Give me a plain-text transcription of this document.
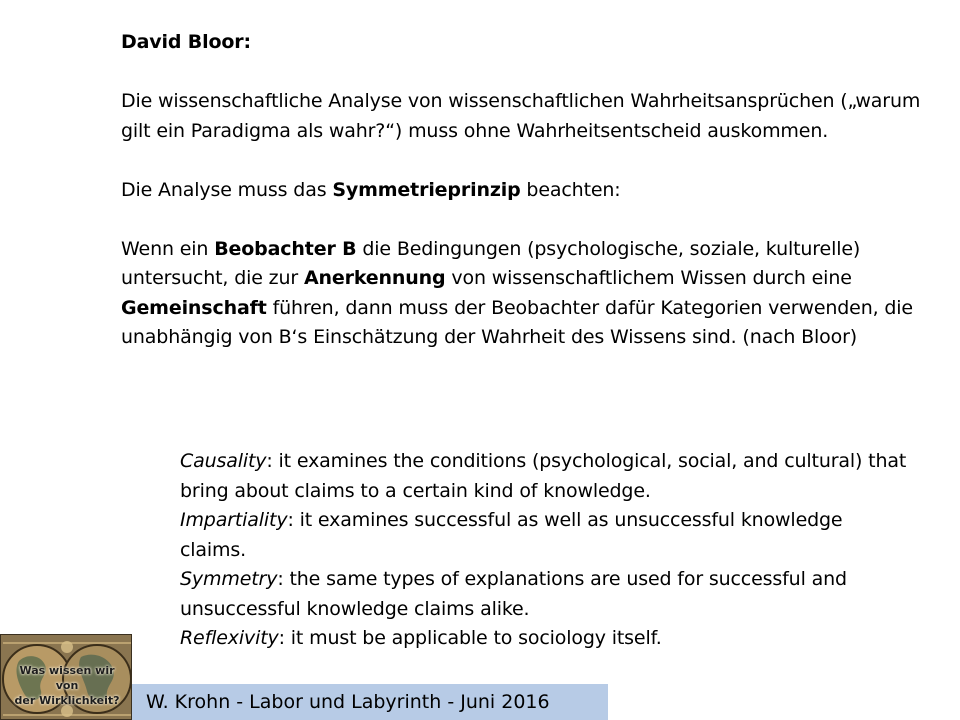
David Bloor:

Die wissenschaftliche Analyse von wissenschaftlichen Wahrheitsansprüchen („warum gilt ein Paradigma als wahr?“) muss ohne Wahrheitsentscheid auskommen.

Die Analyse muss das Symmetrieprinzip beachten:

Wenn ein Beobachter B die Bedingungen (psychologische, soziale, kulturelle) untersucht, die zur Anerkennung von wissenschaftlichem Wissen durch eine Gemeinschaft führen, dann muss der Beobachter dafür Kategorien verwenden, die unabhängig von B‘s Einschätzung der Wahrheit des Wissens sind. (nach Bloor)

Causality: it examines the conditions (psychological, social, and cultural) that bring about claims to a certain kind of knowledge.

Impartiality: it examines successful as well as unsuccessful knowledge claims.

Symmetry: the same types of explanations are used for successful and unsuccessful knowledge claims alike.

Reflexivity: it must be applicable to sociology itself.

Was wissen wir von
der Wirklichkeit?	W. Krohn - Labor und Labyrinth - Juni 2016
